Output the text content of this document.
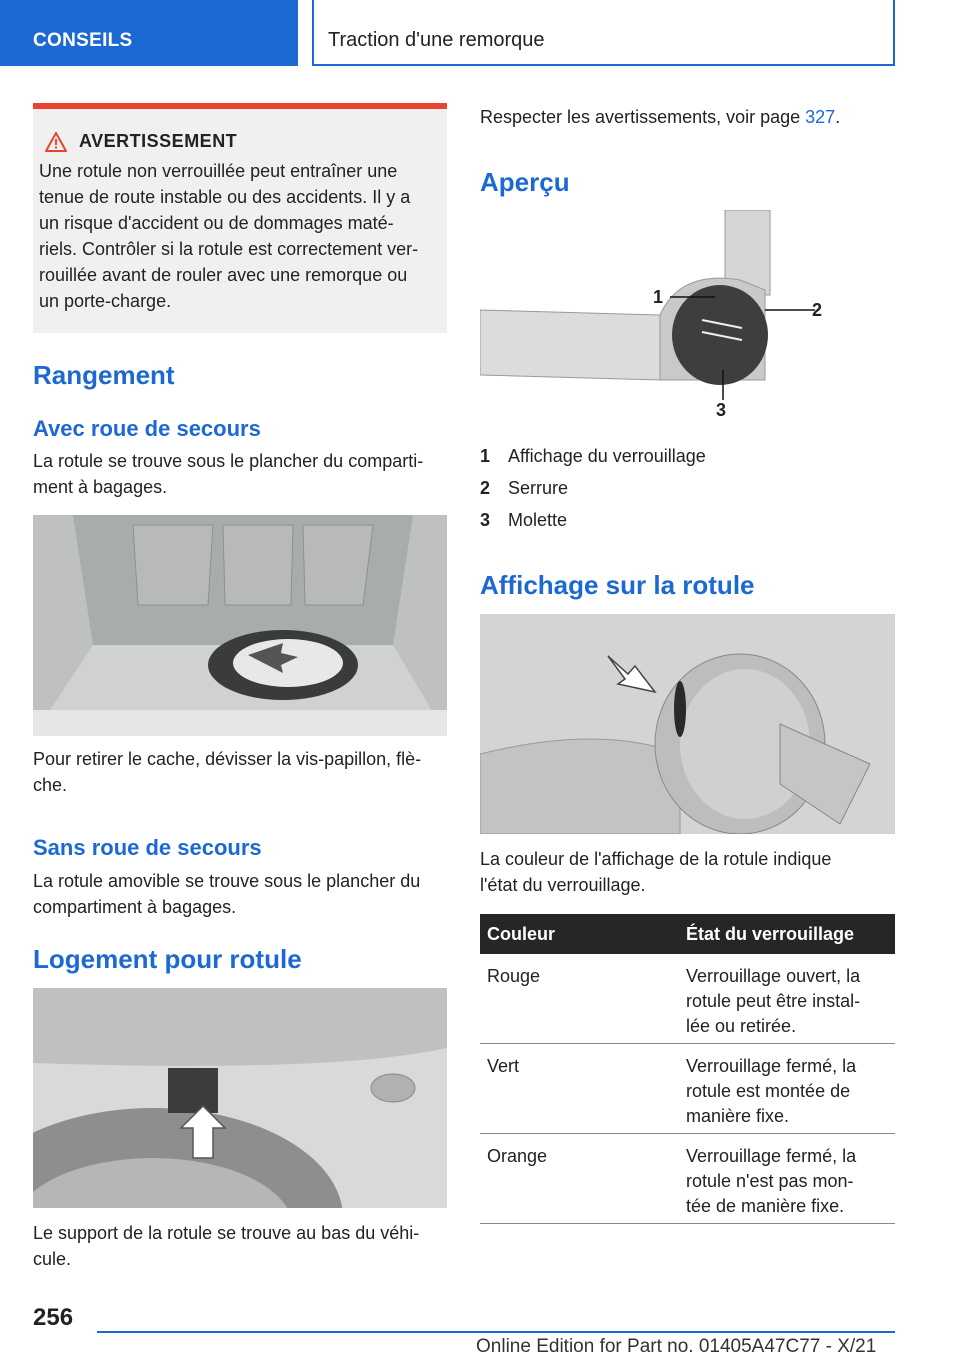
CONSEILS	Traction d'une remorque
AVERTISSEMENT
Une rotule non verrouillée peut entraîner une
tenue de route instable ou des accidents. Il y a
un risque d'accident ou de dommages maté-
riels. Contrôler si la rotule est correctement ver-
rouillée avant de rouler avec une remorque ou
un porte-charge.
Rangement
Avec roue de secours
La rotule se trouve sous le plancher du comparti-
ment à bagages.
Pour retirer le cache, dévisser la vis-papillon, flè-
che.
Sans roue de secours
La rotule amovible se trouve sous le plancher du
compartiment à bagages.
Logement pour rotule
Le support de la rotule se trouve au bas du véhi-
cule.
Respecter les avertissements, voir page 327.
Aperçu
1
2
3
1 Affichage du verrouillage
2 Serrure
3 Molette
Affichage sur la rotule
La couleur de l'affichage de la rotule indique
l'état du verrouillage.
Couleur	État du verrouillage
Rouge	Verrouillage ouvert, la
rotule peut être instal-
lée ou retirée.
Vert	Verrouillage fermé, la
rotule est montée de
manière fixe.
Orange	Verrouillage fermé, la
rotule n'est pas mon-
tée de manière fixe.
256
Online Edition for Part no. 01405A47C77 - X/21
